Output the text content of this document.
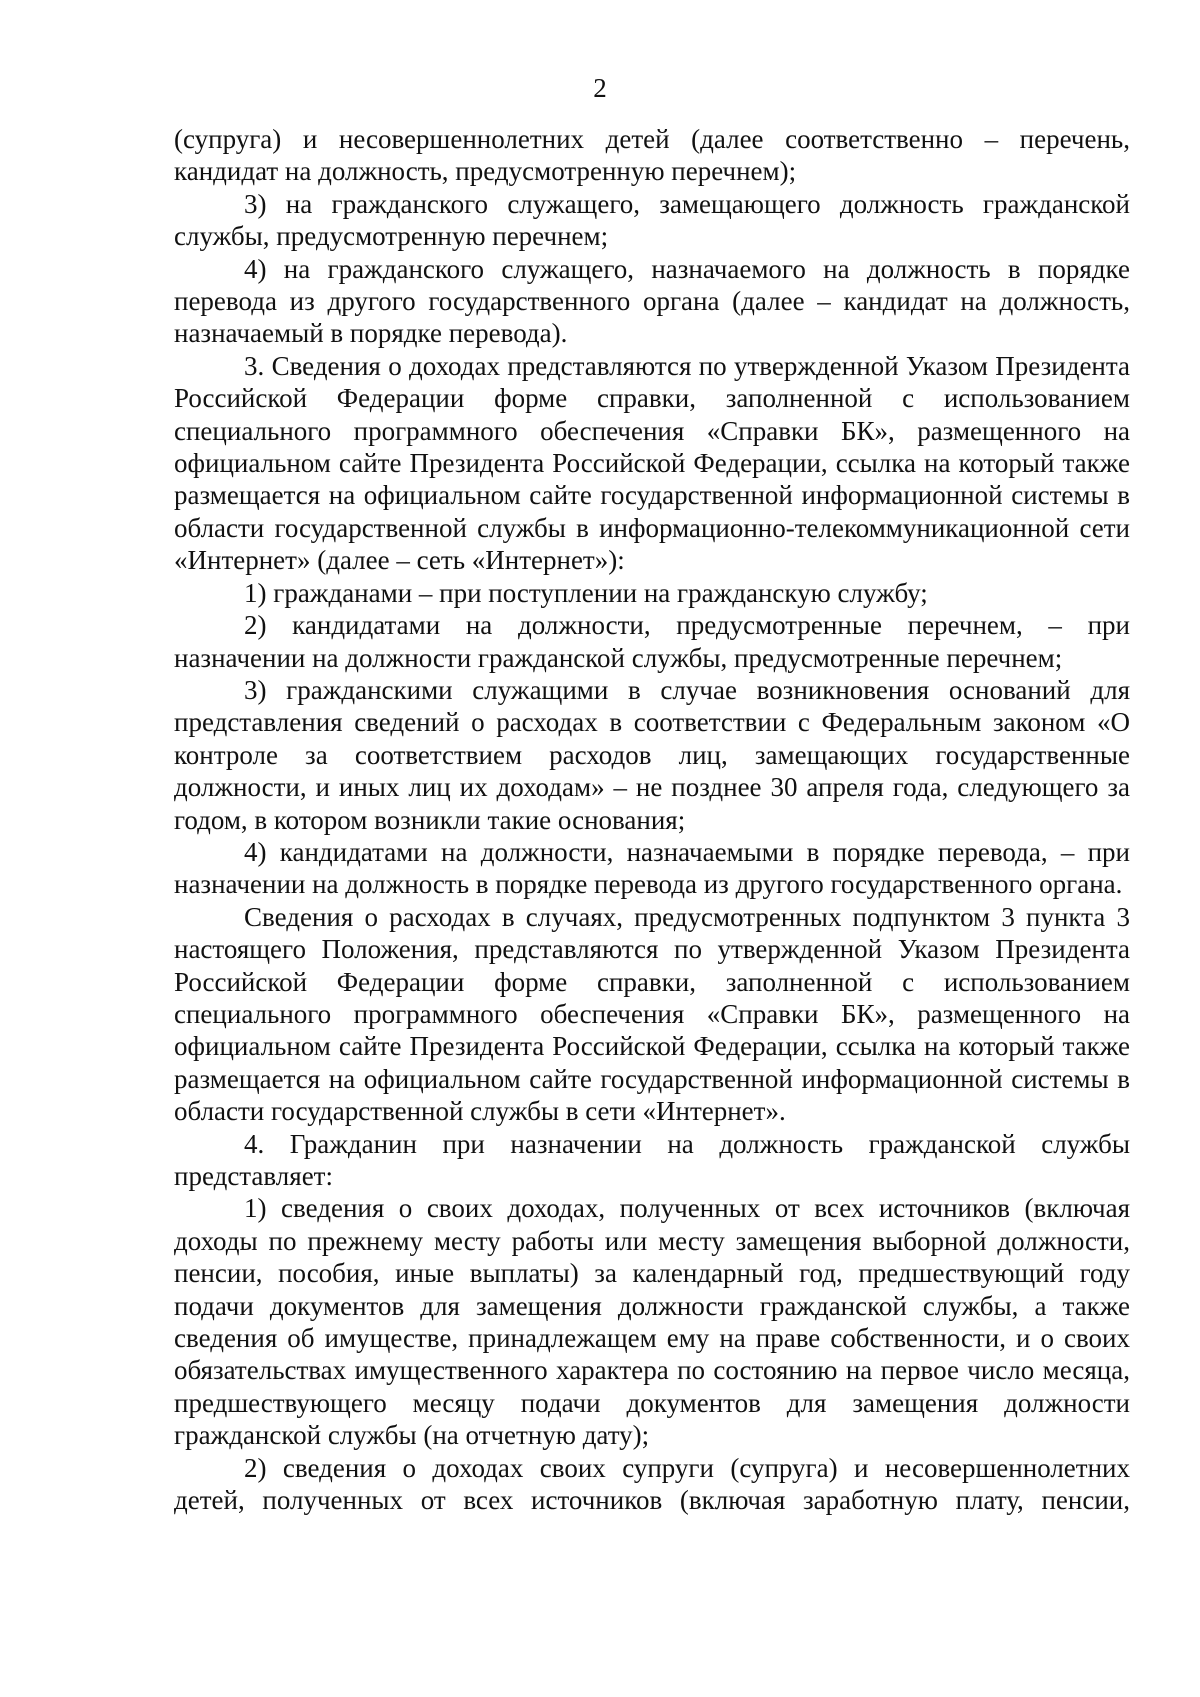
2

(супруга) и несовершеннолетних детей (далее соответственно – перечень, кандидат на должность, предусмотренную перечнем);

3) на гражданского служащего, замещающего должность гражданской службы, предусмотренную перечнем;

4) на гражданского служащего, назначаемого на должность в порядке перевода из другого государственного органа (далее – кандидат на должность, назначаемый в порядке перевода).

3. Сведения о доходах представляются по утвержденной Указом Президента Российской Федерации форме справки, заполненной с использованием специального программного обеспечения «Справки БК», размещенного на официальном сайте Президента Российской Федерации, ссылка на который также размещается на официальном сайте государственной информационной системы в области государственной службы в информационно-телекоммуникационной сети «Интернет» (далее – сеть «Интернет»):

1) гражданами – при поступлении на гражданскую службу;

2) кандидатами на должности, предусмотренные перечнем, – при назначении на должности гражданской службы, предусмотренные перечнем;

3) гражданскими служащими в случае возникновения оснований для представления сведений о расходах в соответствии с Федеральным законом «О контроле за соответствием расходов лиц, замещающих государственные должности, и иных лиц их доходам» – не позднее 30 апреля года, следующего за годом, в котором возникли такие основания;

4) кандидатами на должности, назначаемыми в порядке перевода, – при назначении на должность в порядке перевода из другого государственного органа.

Сведения о расходах в случаях, предусмотренных подпунктом 3 пункта 3 настоящего Положения, представляются по утвержденной Указом Президента Российской Федерации форме справки, заполненной с использованием специального программного обеспечения «Справки БК», размещенного на официальном сайте Президента Российской Федерации, ссылка на который также размещается на официальном сайте государственной информационной системы в области государственной службы в сети «Интернет».

4. Гражданин при назначении на должность гражданской службы представляет:

1) сведения о своих доходах, полученных от всех источников (включая доходы по прежнему месту работы или месту замещения выборной должности, пенсии, пособия, иные выплаты) за календарный год, предшествующий году подачи документов для замещения должности гражданской службы, а также сведения об имуществе, принадлежащем ему на праве собственности, и о своих обязательствах имущественного характера по состоянию на первое число месяца, предшествующего месяцу подачи документов для замещения должности гражданской службы (на отчетную дату);

2) сведения о доходах своих супруги (супруга) и несовершеннолетних детей, полученных от всех источников (включая заработную плату, пенсии,
